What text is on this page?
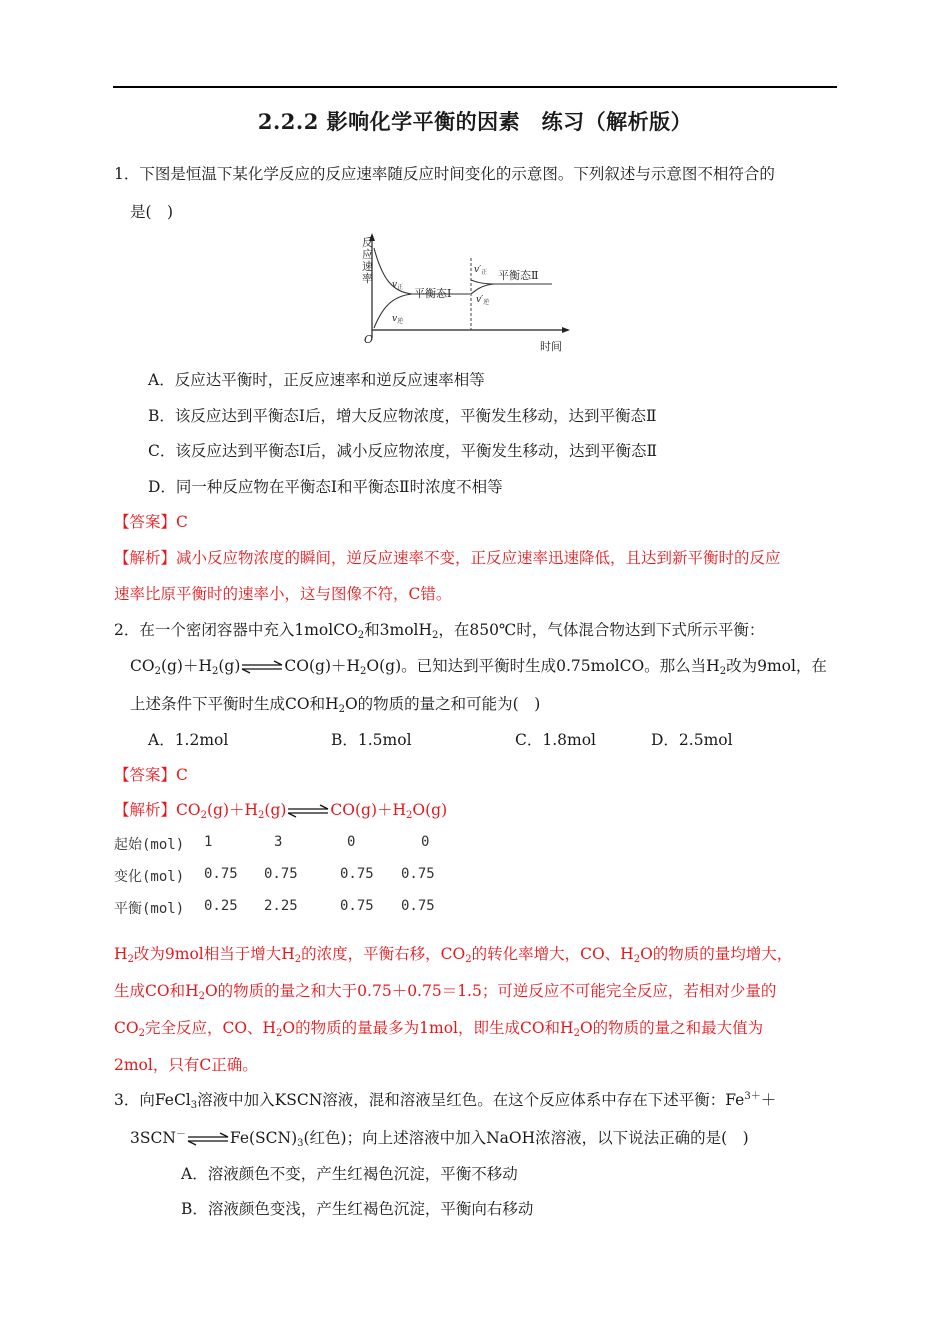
2.2.2 影响化学平衡的因素　练习（解析版）
1．下图是恒温下某化学反应的反应速率随反应时间变化的示意图。下列叙述与示意图不相符合的
是(　)
反
应
速
率
O
时间
$v_正$
$v_逆$
平衡态Ⅰ
$v'_正$
$v'_逆$
平衡态Ⅱ
A．反应达平衡时，正反应速率和逆反应速率相等
B．该反应达到平衡态Ⅰ后，增大反应物浓度，平衡发生移动，达到平衡态Ⅱ
C．该反应达到平衡态Ⅰ后，减小反应物浓度，平衡发生移动，达到平衡态Ⅱ
D．同一种反应物在平衡态Ⅰ和平衡态Ⅱ时浓度不相等
【答案】C
【解析】减小反应物浓度的瞬间，逆反应速率不变，正反应速率迅速降低，且达到新平衡时的反应
速率比原平衡时的速率小，这与图像不符，C错。
2．在一个密闭容器中充入1molCO$_2$和3molH$_2$，在850℃时，气体混合物达到下式所示平衡：
$CO_2(g)+H_2(g)\rightleftharpoons CO(g)+H_2O(g)$。已知达到平衡时生成0.75molCO。那么当$H_2$改为9mol，在
上述条件下平衡时生成CO和$H_2O$的物质的量之和可能为(　)
A．1.2mol	B．1.5mol	C．1.8mol	D．2.5mol
【答案】C
【解析】$CO_2(g)+H_2(g)\rightleftharpoons CO(g)+H_2O(g)$
起始(mol) 1	3	0	0
变化(mol) 0.75 0.75	0.75 0.75
平衡(mol) 0.25 2.25	0.75 0.75
$H_2$改为9mol相当于增大$H_2$的浓度，平衡右移，$CO_2$的转化率增大，CO、$H_2O$的物质的量均增大，
生成CO和$H_2O$的物质的量之和大于0.75＋0.75＝1.5；可逆反应不可能完全反应，若相对少量的
$CO_2$完全反应，CO、$H_2O$的物质的量最多为1mol，即生成CO和$H_2O$的物质的量之和最大值为
2mol，只有C正确。
3．向FeCl$_3$溶液中加入KSCN溶液，混和溶液呈红色。在这个反应体系中存在下述平衡：$Fe^{3+}+$
$3SCN^-\rightleftharpoons Fe(SCN)_3$(红色)；向上述溶液中加入NaOH浓溶液，以下说法正确的是(　)
A．溶液颜色不变，产生红褐色沉淀，平衡不移动
B．溶液颜色变浅，产生红褐色沉淀，平衡向右移动
